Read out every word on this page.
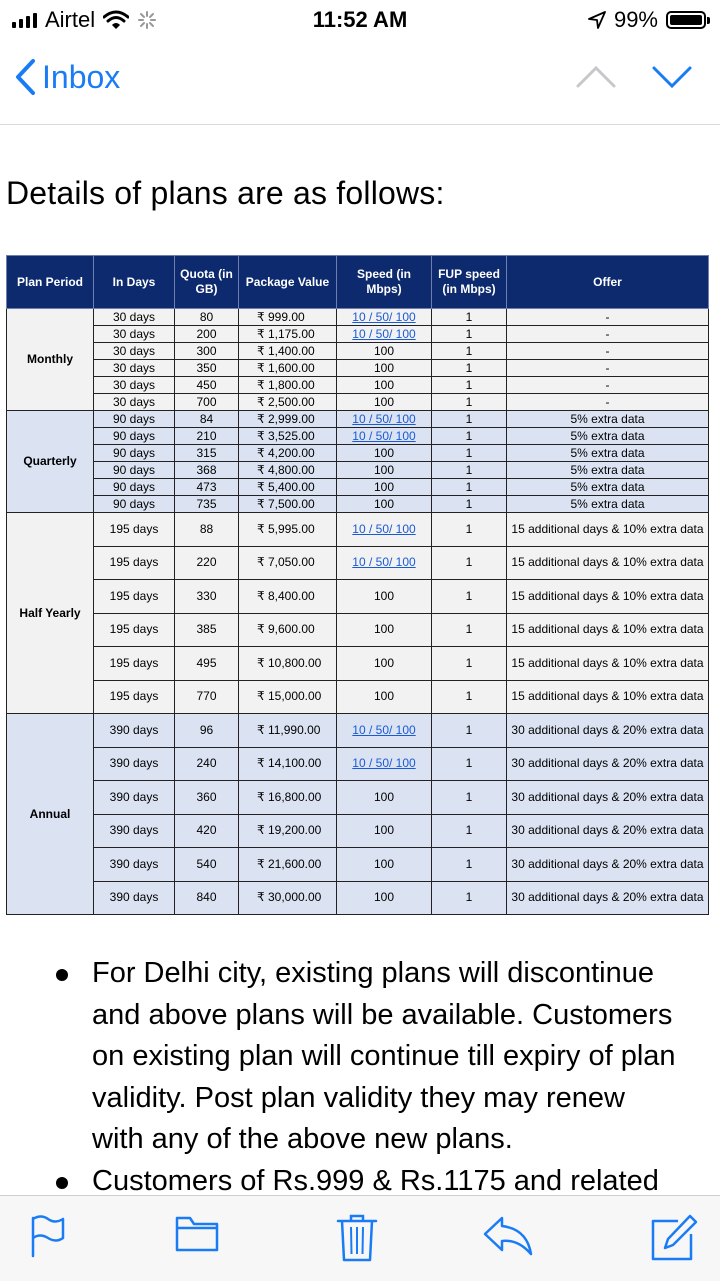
Airtel	11:52 AM	99%
Inbox
Details of plans are as follows:
Plan Period	In Days	Quota (in GB)	Package Value	Speed (in Mbps)	FUP speed (in Mbps)	Offer
Monthly	30 days	80	₹ 999.00	10 / 50/ 100	1	-
	30 days	200	₹ 1,175.00	10 / 50/ 100	1	-
	30 days	300	₹ 1,400.00	100	1	-
	30 days	350	₹ 1,600.00	100	1	-
	30 days	450	₹ 1,800.00	100	1	-
	30 days	700	₹ 2,500.00	100	1	-
Quarterly	90 days	84	₹ 2,999.00	10 / 50/ 100	1	5% extra data
	90 days	210	₹ 3,525.00	10 / 50/ 100	1	5% extra data
	90 days	315	₹ 4,200.00	100	1	5% extra data
	90 days	368	₹ 4,800.00	100	1	5% extra data
	90 days	473	₹ 5,400.00	100	1	5% extra data
	90 days	735	₹ 7,500.00	100	1	5% extra data
Half Yearly	195 days	88	₹ 5,995.00	10 / 50/ 100	1	15 additional days & 10% extra data
	195 days	220	₹ 7,050.00	10 / 50/ 100	1	15 additional days & 10% extra data
	195 days	330	₹ 8,400.00	100	1	15 additional days & 10% extra data
	195 days	385	₹ 9,600.00	100	1	15 additional days & 10% extra data
	195 days	495	₹ 10,800.00	100	1	15 additional days & 10% extra data
	195 days	770	₹ 15,000.00	100	1	15 additional days & 10% extra data
Annual	390 days	96	₹ 11,990.00	10 / 50/ 100	1	30 additional days & 20% extra data
	390 days	240	₹ 14,100.00	10 / 50/ 100	1	30 additional days & 20% extra data
	390 days	360	₹ 16,800.00	100	1	30 additional days & 20% extra data
	390 days	420	₹ 19,200.00	100	1	30 additional days & 20% extra data
	390 days	540	₹ 21,600.00	100	1	30 additional days & 20% extra data
	390 days	840	₹ 30,000.00	100	1	30 additional days & 20% extra data
For Delhi city, existing plans will discontinue
and above plans will be available. Customers
on existing plan will continue till expiry of plan
validity. Post plan validity they may renew
with any of the above new plans.
Customers of Rs.999 & Rs.1175 and related
